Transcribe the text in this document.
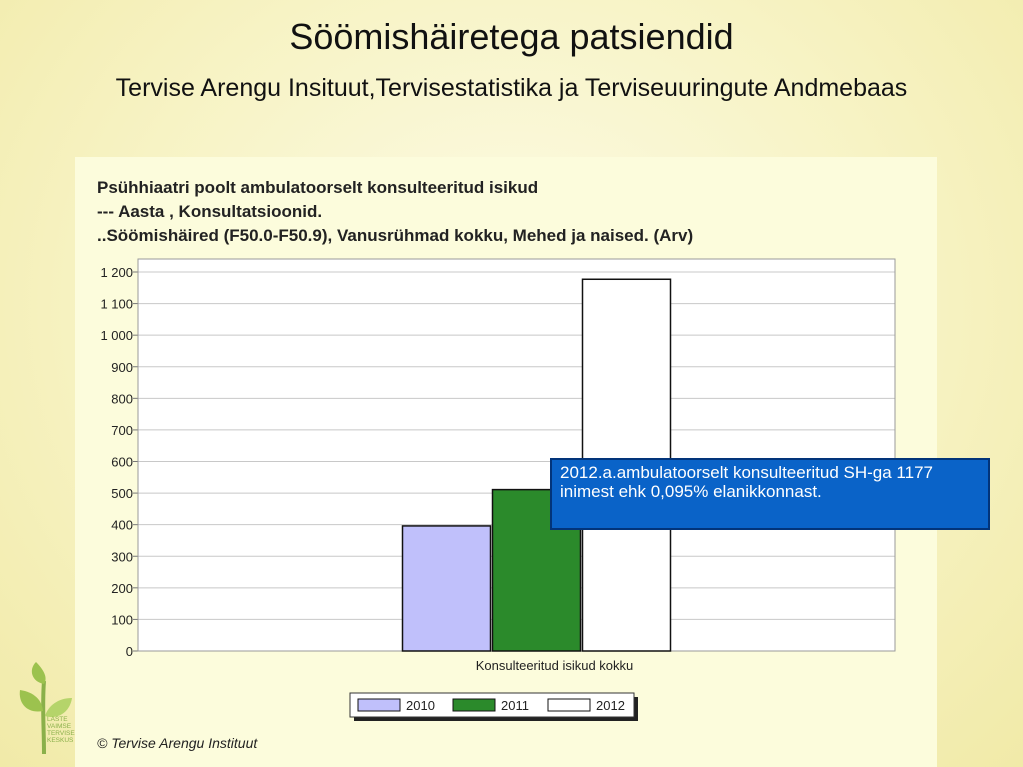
Söömishäiretega patsiendid
Tervise Arengu Insituut,Tervisestatistika ja Terviseuuringute Andmebaas
Psühhiaatri poolt ambulatoorselt konsulteeritud isikud
--- Aasta , Konsultatsioonid.
..Söömishäired (F50.0-F50.9), Vanusrühmad kokku, Mehed ja naised. (Arv)
0
100
200
300
400
500
600
700
800
900
1 000
1 100
1 200
Konsulteeritud isikud kokku
2010	2011	2012
2012.a.ambulatoorselt konsulteeritud SH-ga 1177 inimest ehk 0,095% elanikkonnast.
© Tervise Arengu Instituut
LASTE
VAIMSE
TERVISE
KESKUS
